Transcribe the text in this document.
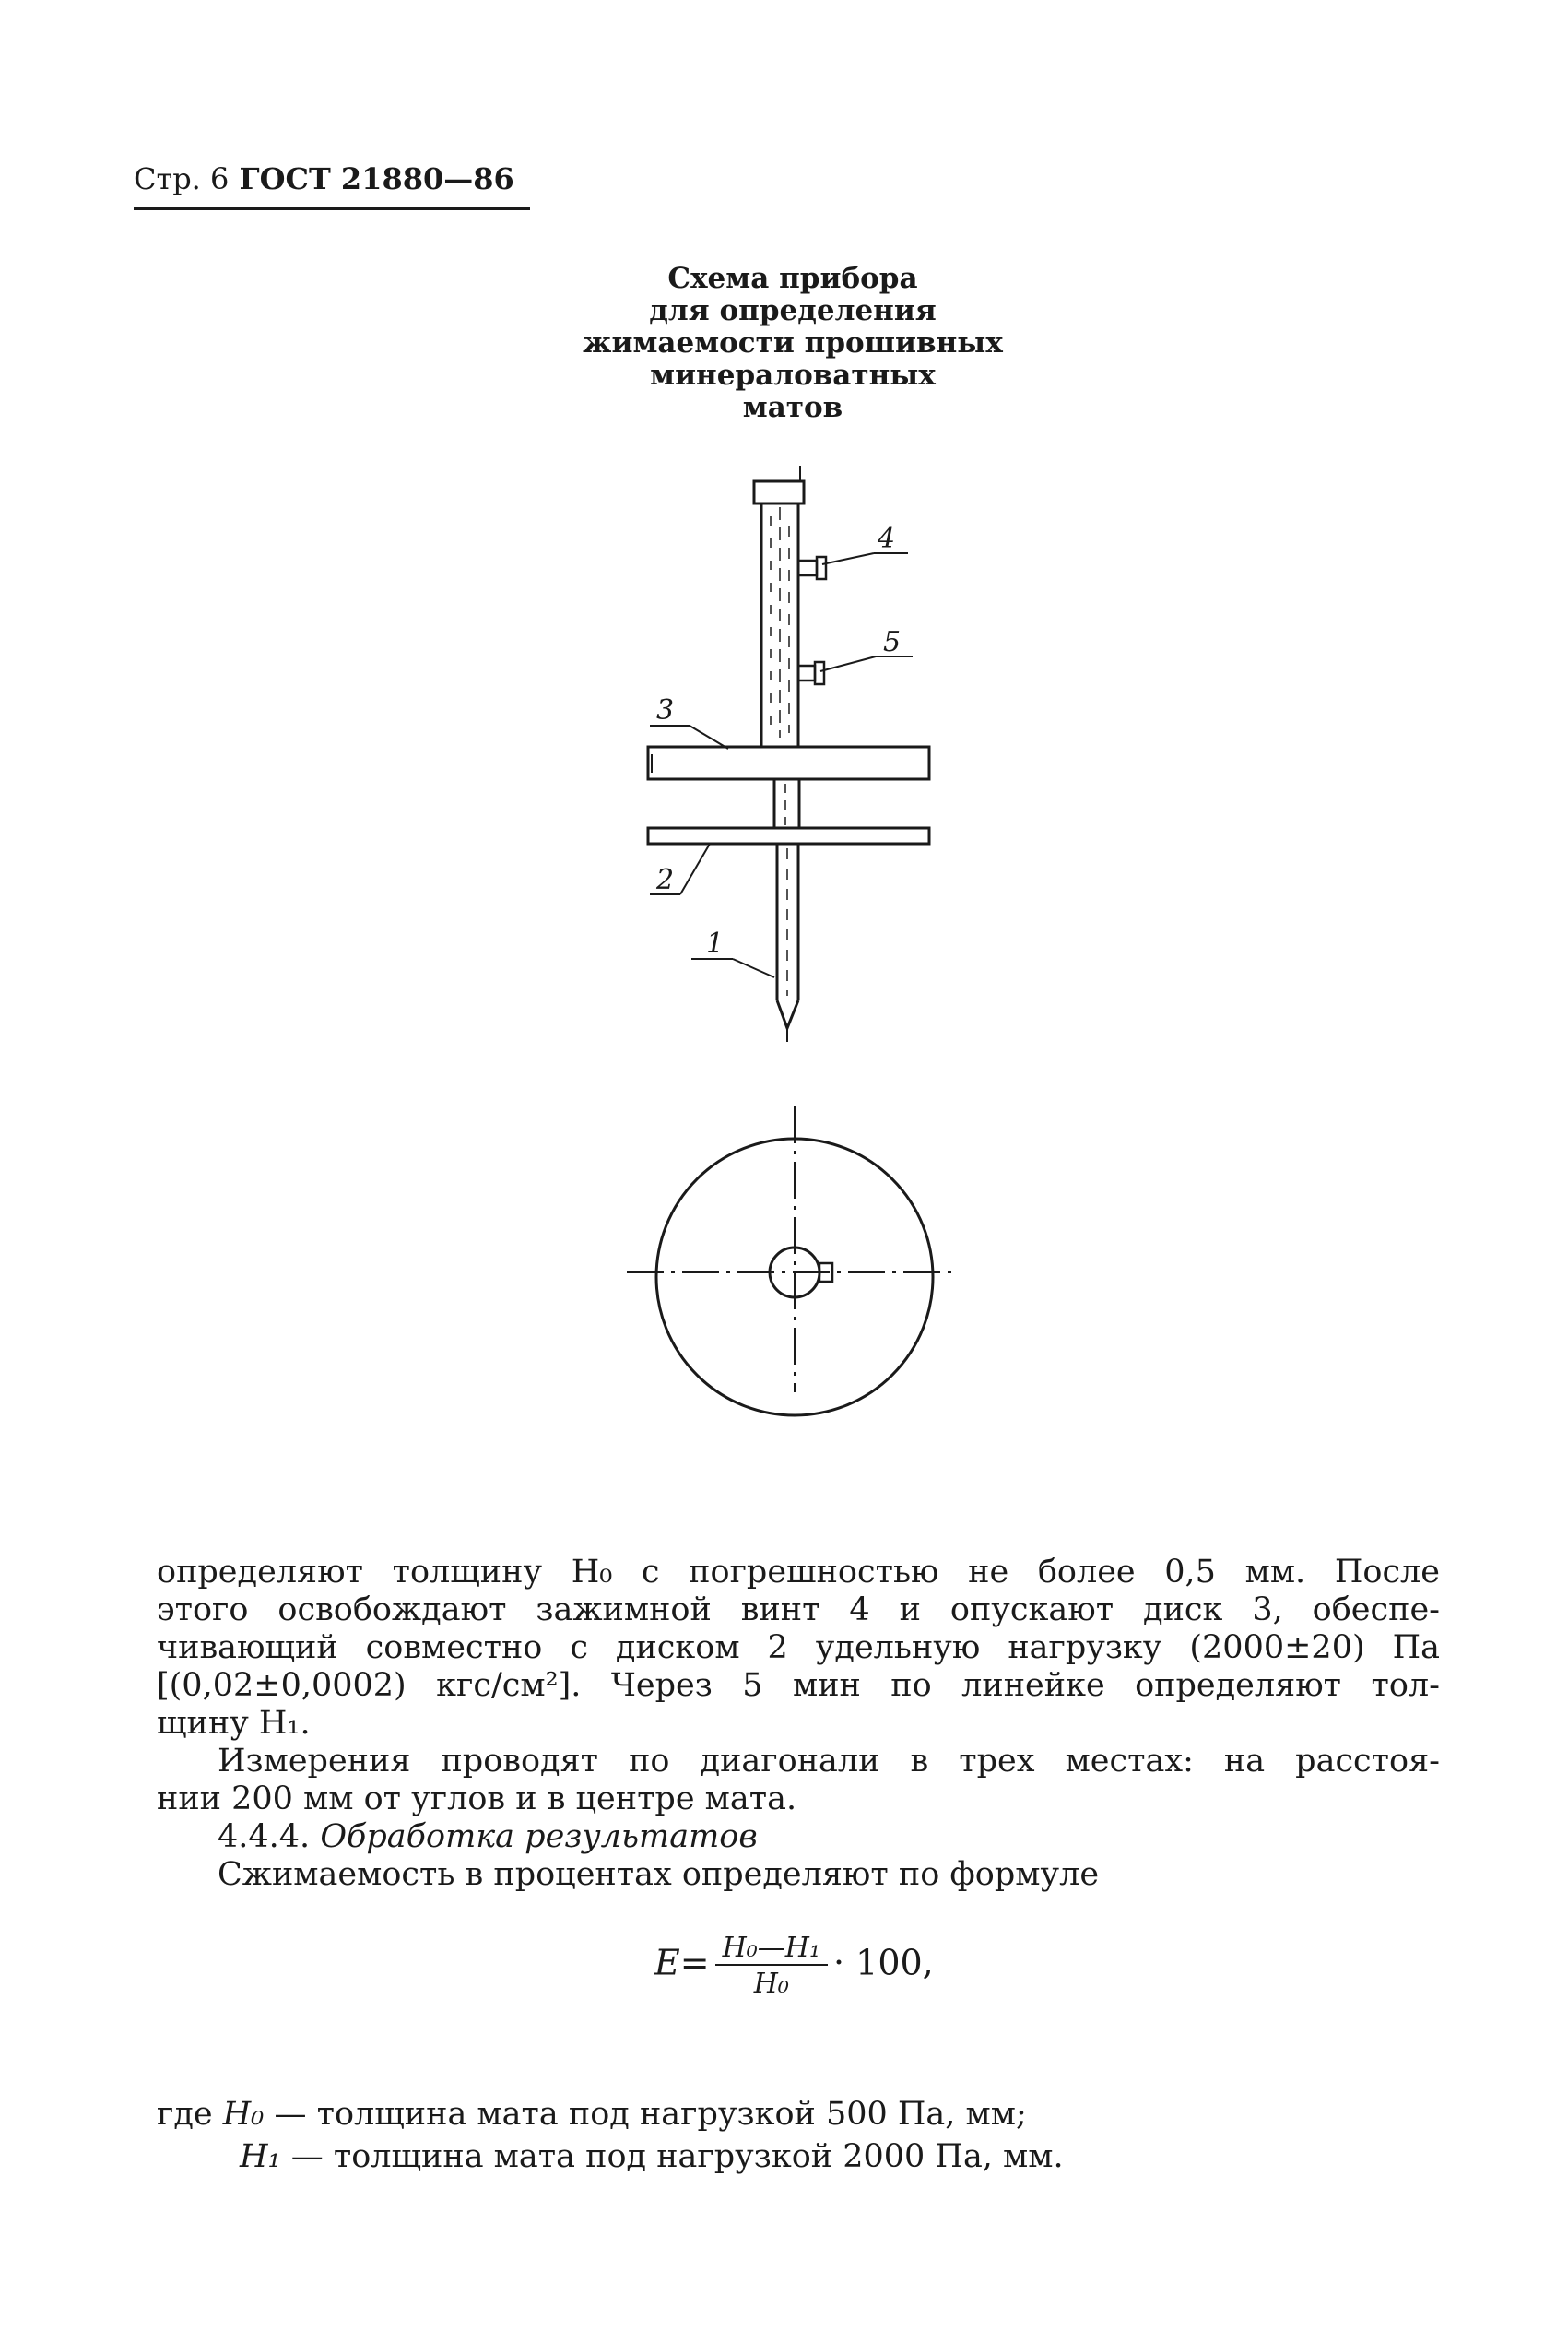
Стр. 6 ГОСТ 21880—86
Схема прибора
для определения
жимаемости прошивных
минераловатных
матов
1
2
3
4
5
определяют толщину H₀ с погрешностью не более 0,5 мм. После
этого освобождают зажимной винт 4 и опускают диск 3, обеспе-
чивающий совместно с диском 2 удельную нагрузку (2000±20) Па
[(0,02±0,0002) кгс/см²]. Через 5 мин по линейке определяют тол-
щину H₁.
Измерения проводят по диагонали в трех местах: на расстоя-
нии 200 мм от углов и в центре мата.
4.4.4. Обработка результатов
Сжимаемость в процентах определяют по формуле
$E= \frac{\text{H₀—H₁}}{\text{H₀}} \cdot 100$,
где H₀ — толщина мата под нагрузкой 500 Па, мм;
H₁ — толщина мата под нагрузкой 2000 Па, мм.
